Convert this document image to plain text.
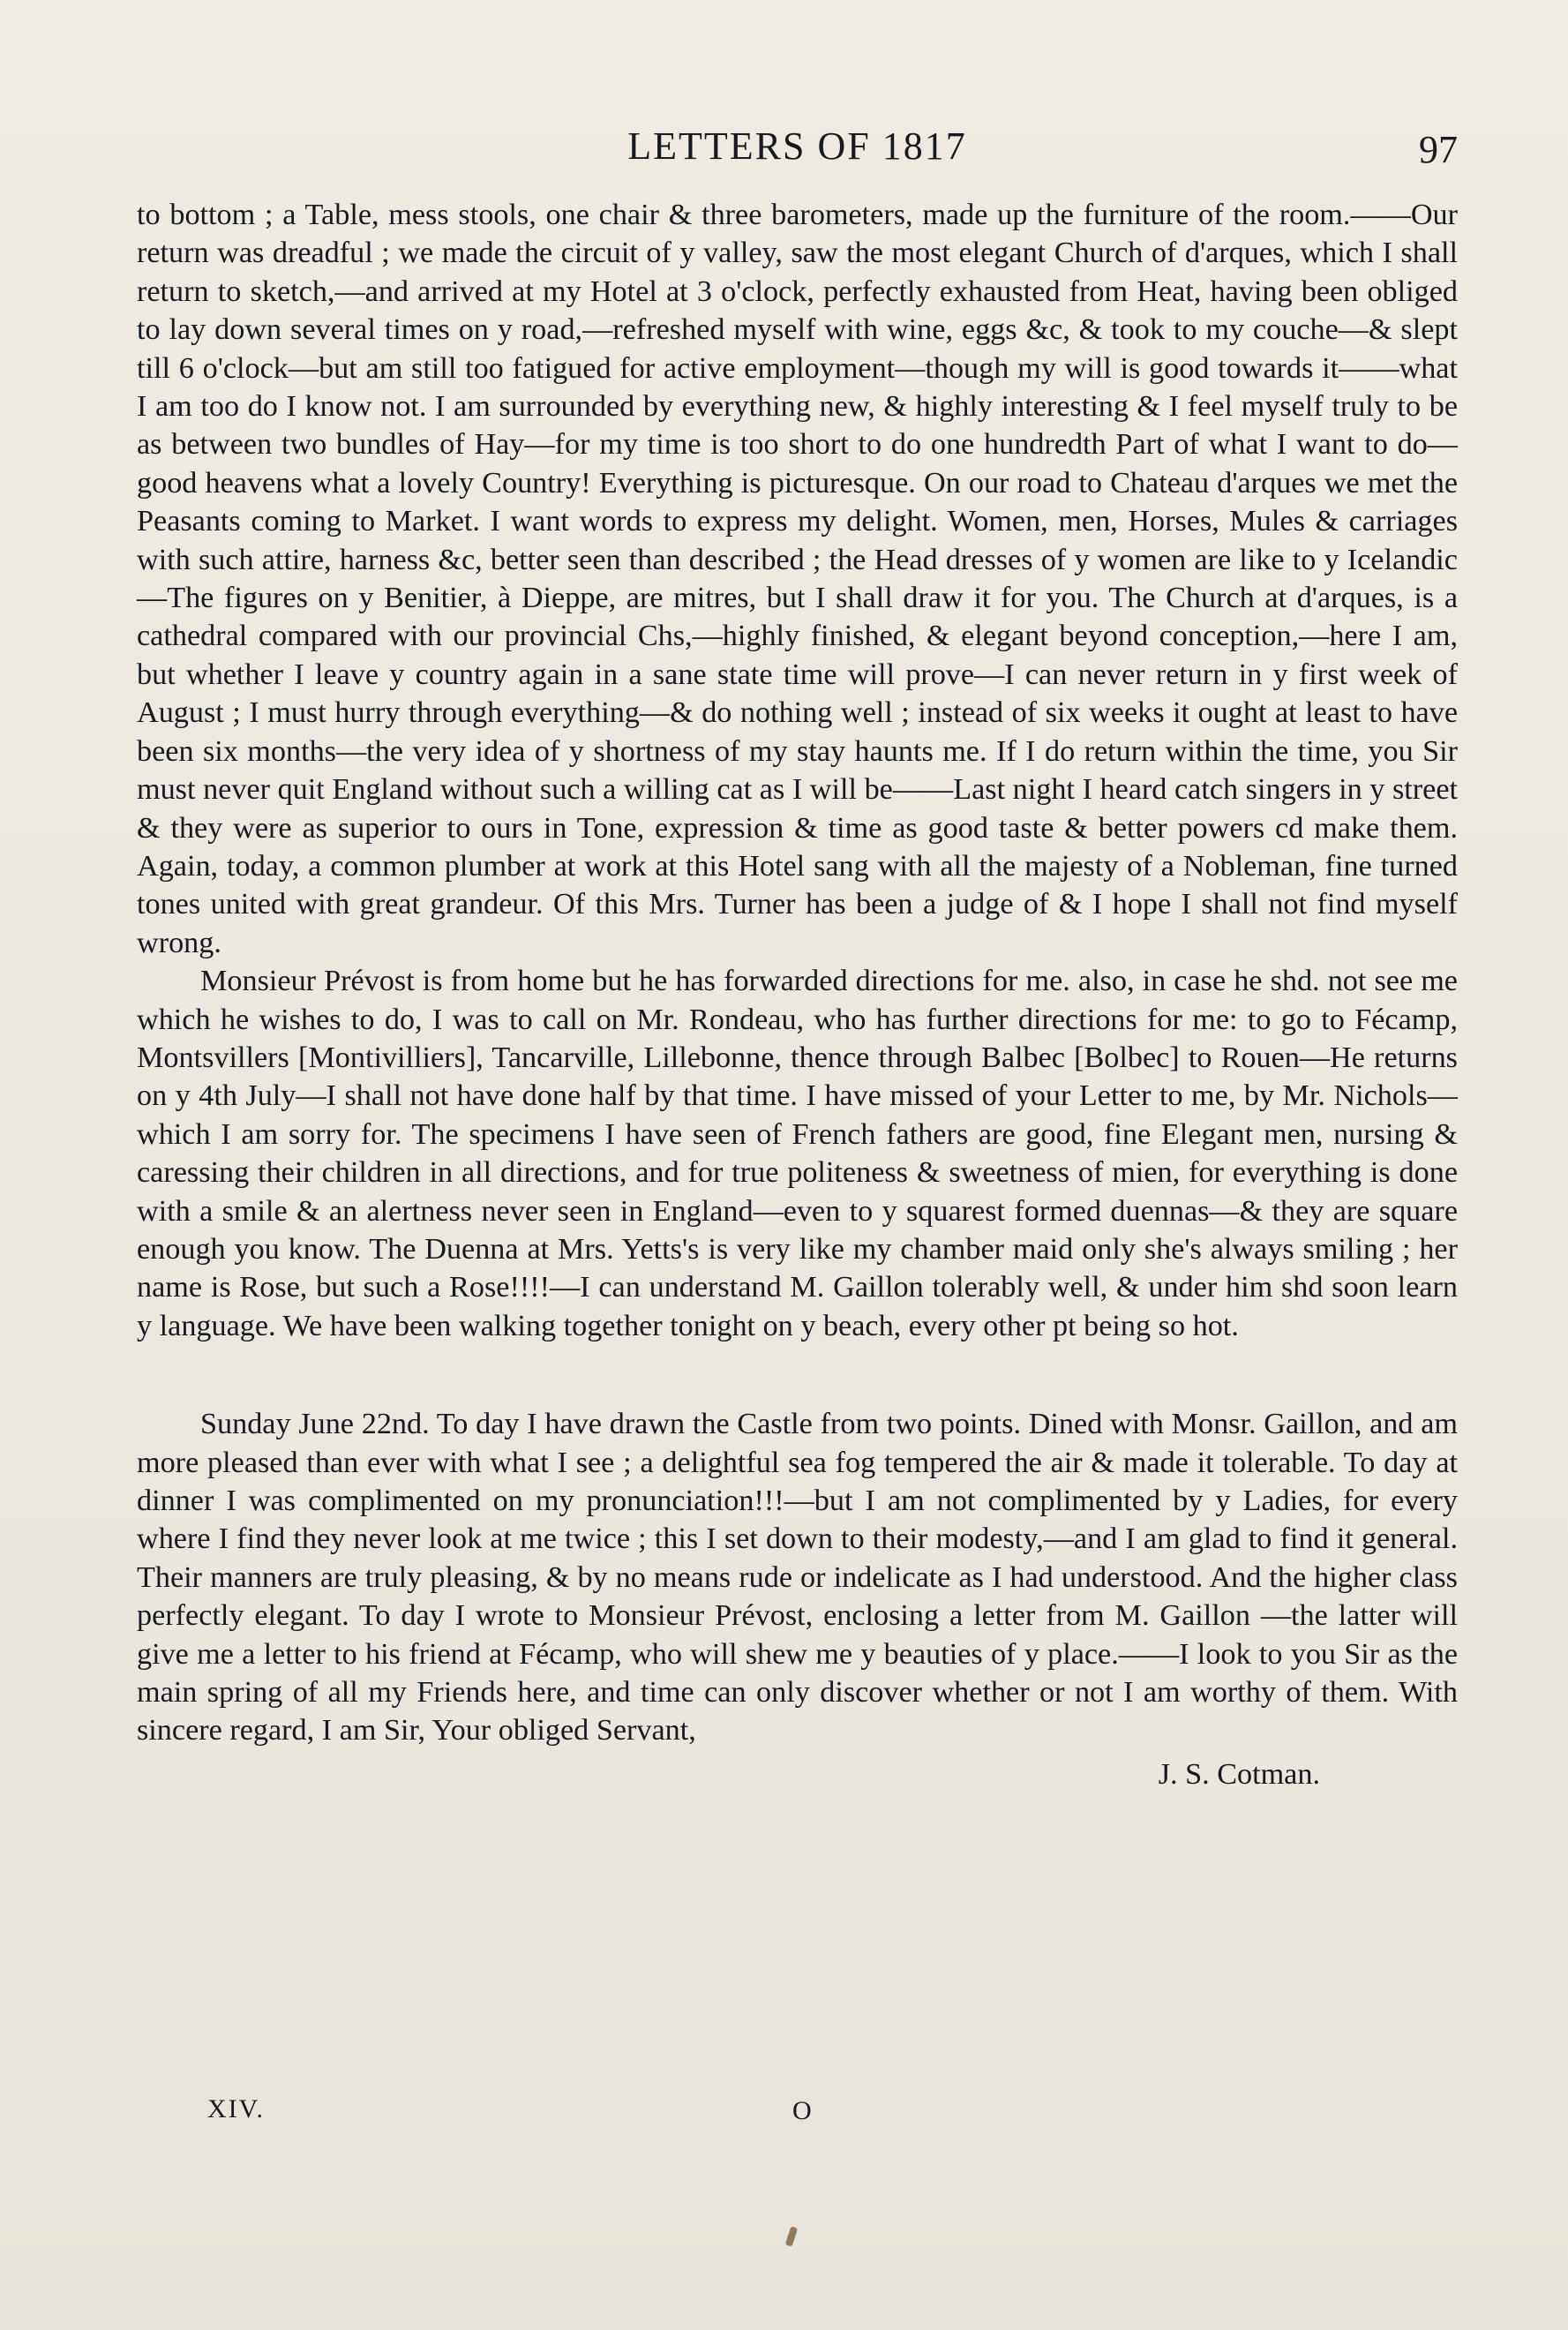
LETTERS OF 1817	97

to bottom ; a Table, mess stools, one chair & three barometers, made up the furniture of the room.——Our return was dreadful ; we made the circuit of y valley, saw the most elegant Church of d'arques, which I shall return to sketch,—and arrived at my Hotel at 3 o'clock, perfectly exhausted from Heat, having been obliged to lay down several times on y road,—refreshed myself with wine, eggs &c, & took to my couche—& slept till 6 o'clock—but am still too fatigued for active employment—though my will is good towards it——what I am too do I know not. I am surrounded by everything new, & highly interesting & I feel myself truly to be as between two bundles of Hay—for my time is too short to do one hundredth Part of what I want to do—good heavens what a lovely Country! Everything is picturesque. On our road to Chateau d'arques we met the Peasants coming to Market. I want words to express my delight. Women, men, Horses, Mules & carriages with such attire, harness &c, better seen than described ; the Head dresses of y women are like to y Icelandic—The figures on y Benitier, à Dieppe, are mitres, but I shall draw it for you. The Church at d'arques, is a cathedral compared with our provincial Chs,—highly finished, & elegant beyond conception,—here I am, but whether I leave y country again in a sane state time will prove—I can never return in y first week of August ; I must hurry through everything—& do nothing well ; instead of six weeks it ought at least to have been six months—the very idea of y shortness of my stay haunts me. If I do return within the time, you Sir must never quit England without such a willing cat as I will be——Last night I heard catch singers in y street & they were as superior to ours in Tone, expression & time as good taste & better powers cd make them. Again, today, a common plumber at work at this Hotel sang with all the majesty of a Nobleman, fine turned tones united with great grandeur. Of this Mrs. Turner has been a judge of & I hope I shall not find myself wrong.

Monsieur Prévost is from home but he has forwarded directions for me. also, in case he shd. not see me which he wishes to do, I was to call on Mr. Rondeau, who has further directions for me: to go to Fécamp, Montsvillers [Montivilliers], Tancarville, Lillebonne, thence through Balbec [Bolbec] to Rouen—He returns on y 4th July—I shall not have done half by that time. I have missed of your Letter to me, by Mr. Nichols—which I am sorry for. The specimens I have seen of French fathers are good, fine Elegant men, nursing & caressing their children in all directions, and for true politeness & sweetness of mien, for everything is done with a smile & an alertness never seen in England—even to y squarest formed duennas—& they are square enough you know. The Duenna at Mrs. Yetts's is very like my chamber maid only she's always smiling ; her name is Rose, but such a Rose!!!!—I can understand M. Gaillon tolerably well, & under him shd soon learn y language. We have been walking together tonight on y beach, every other pt being so hot.

Sunday June 22nd. To day I have drawn the Castle from two points. Dined with Monsr. Gaillon, and am more pleased than ever with what I see ; a delightful sea fog tempered the air & made it tolerable. To day at dinner I was complimented on my pronunciation!!!—but I am not complimented by y Ladies, for every where I find they never look at me twice ; this I set down to their modesty,—and I am glad to find it general. Their manners are truly pleasing, & by no means rude or indelicate as I had understood. And the higher class perfectly elegant. To day I wrote to Monsieur Prévost, enclosing a letter from M. Gaillon —the latter will give me a letter to his friend at Fécamp, who will shew me y beauties of y place.——I look to you Sir as the main spring of all my Friends here, and time can only discover whether or not I am worthy of them. With sincere regard, I am Sir, Your obliged Servant,

J. S. Cotman.

XIV.	O
